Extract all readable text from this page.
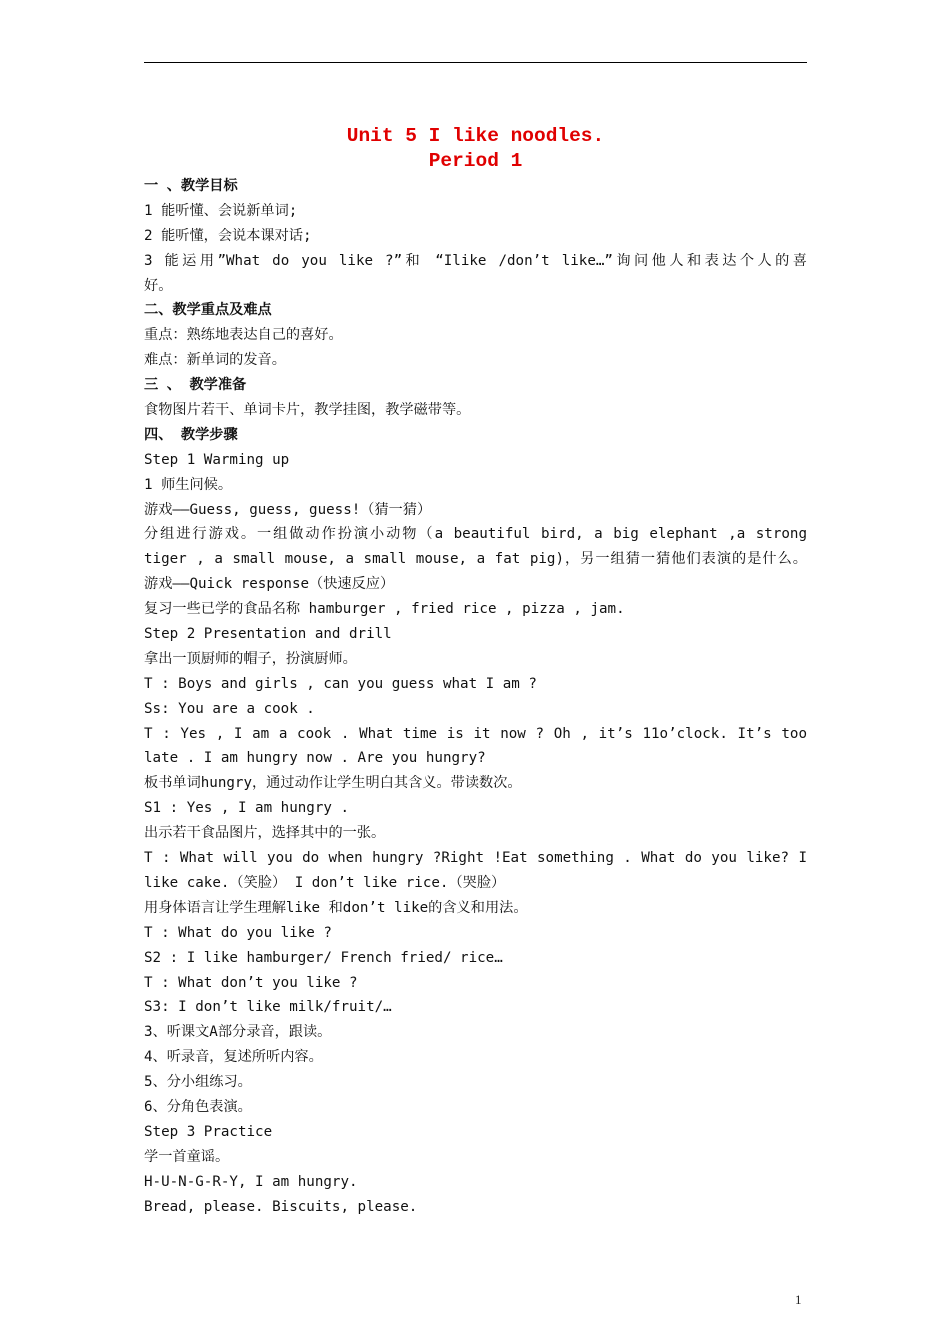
Unit 5 I like noodles.
Period 1
一 、教学目标
1 能听懂、会说新单词;
2 能听懂，会说本课对话;
3 能运用”What do you like ?”和 “Ilike /don’t like…”询问他人和表达个人的喜
好。
二、教学重点及难点
重点：熟练地表达自己的喜好。
难点：新单词的发音。
三 、 教学准备
食物图片若干、单词卡片，教学挂图，教学磁带等。
四、 教学步骤
Step 1 Warming up
1 师生问候。
游戏——Guess, guess, guess!（猜一猜）
分组进行游戏。一组做动作扮演小动物（a beautiful bird, a big elephant ,a strong
tiger , a small mouse, a small mouse, a fat pig)，另一组猜一猜他们表演的是什么。
游戏——Quick response（快速反应）
复习一些已学的食品名称 hamburger , fried rice , pizza , jam.
Step 2 Presentation and drill
拿出一顶厨师的帽子，扮演厨师。
T : Boys and girls , can you guess what I am ?
Ss: You are a cook .
T : Yes , I am a cook . What time is it now ? Oh , it’s 11o’clock. It’s too
late . I am hungry now . Are you hungry?
板书单词hungry，通过动作让学生明白其含义。带读数次。
S1 : Yes , I am hungry .
出示若干食品图片，选择其中的一张。
T : What will you do when hungry ?Right !Eat something . What do you like? I
like cake.（笑脸） I don’t like rice.（哭脸）
用身体语言让学生理解like 和don’t like的含义和用法。
T : What do you like ?
S2 : I like hamburger/ French fried/ rice…
T : What don’t you like ?
S3: I don’t like milk/fruit/…
3、听课文A部分录音，跟读。
4、听录音，复述所听内容。
5、分小组练习。
6、分角色表演。
Step 3 Practice
学一首童谣。
H-U-N-G-R-Y, I am hungry.
Bread, please. Biscuits, please.
1
